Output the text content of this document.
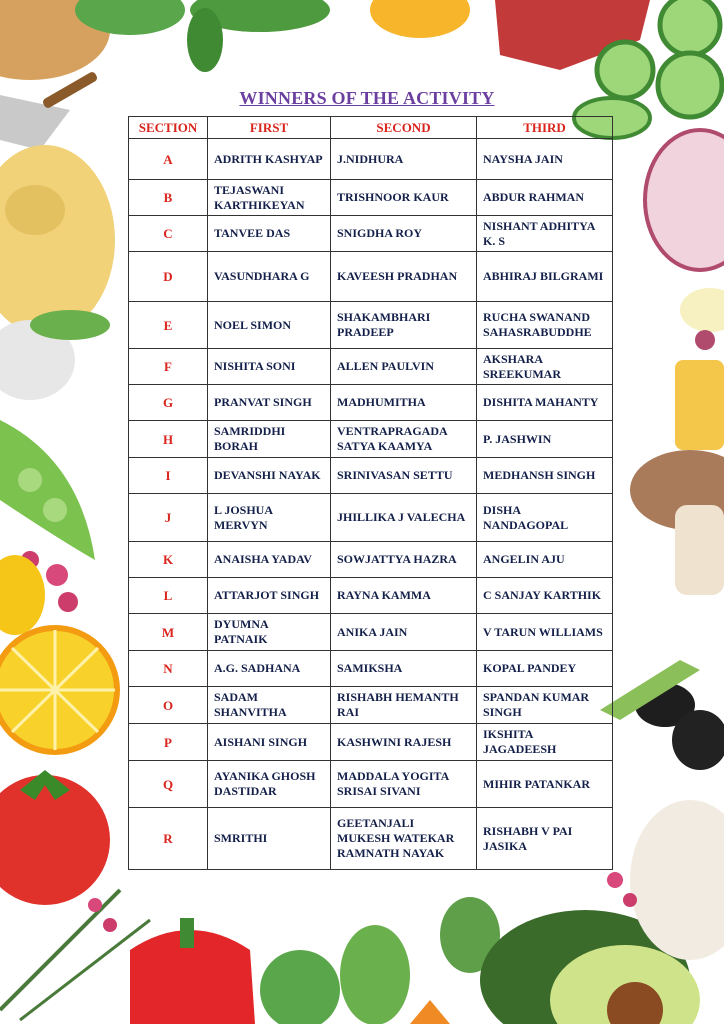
WINNERS OF THE ACTIVITY
SECTION	FIRST	SECOND	THIRD
A	ADRITH KASHYAP	J.NIDHURA	NAYSHA JAIN
B	TEJASWANI KARTHIKEYAN	TRISHNOOR KAUR	ABDUR RAHMAN
C	TANVEE DAS	SNIGDHA ROY	NISHANT ADHITYA K. S
D	VASUNDHARA G	KAVEESH PRADHAN	ABHIRAJ BILGRAMI
E	NOEL SIMON	SHAKAMBHARI PRADEEP	RUCHA SWANAND SAHASRABUDDHE
F	NISHITA SONI	ALLEN PAULVIN	AKSHARA SREEKUMAR
G	PRANVAT SINGH	MADHUMITHA	DISHITA MAHANTY
H	SAMRIDDHI BORAH	VENTRAPRAGADA SATYA KAAMYA	P. JASHWIN
I	DEVANSHI NAYAK	SRINIVASAN SETTU	MEDHANSH SINGH
J	L JOSHUA MERVYN	JHILLIKA J VALECHA	DISHA NANDAGOPAL
K	ANAISHA YADAV	SOWJATTYA HAZRA	ANGELIN AJU
L	ATTARJOT SINGH	RAYNA KAMMA	C SANJAY KARTHIK
M	DYUMNA PATNAIK	ANIKA JAIN	V TARUN WILLIAMS
N	A.G. SADHANA	SAMIKSHA	KOPAL PANDEY
O	SADAM SHANVITHA	RISHABH HEMANTH RAI	SPANDAN KUMAR SINGH
P	AISHANI SINGH	KASHWINI RAJESH	IKSHITA JAGADEESH
Q	AYANIKA GHOSH DASTIDAR	MADDALA YOGITA SRISAI SIVANI	MIHIR PATANKAR
R	SMRITHI	GEETANJALI MUKESH WATEKAR RAMNATH NAYAK	RISHABH V PAI JASIKA
